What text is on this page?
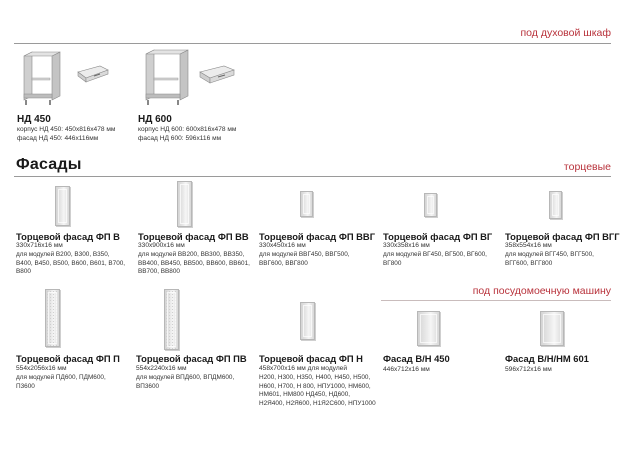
под духовой шкаф
НД 450
корпус НД 450: 450x816x478 мм
фасад НД 450: 446x116мм
НД 600
корпус НД 600: 600x816x478 мм
фасад НД 600: 596x116 мм
Фасады	торцевые
Торцевой фасад ФП В
330x716x16 мм
для модулей В200, В300, В350, В400, В450, В500, В600, В601, В700, В800
Торцевой фасад ФП ВВ
330x900x16 мм
для модулей ВВ200, ВВ300, ВВ350, ВВ400, ВВ450, ВВ500, ВВ600, ВВ601, ВВ700, ВВ800
Торцевой фасад ФП ВВГ
330x450x16 мм
для модулей ВВГ450, ВВГ500, ВВГ600, ВВГ800
Торцевой фасад ФП ВГ
330x358x16 мм
для модулей ВГ450, ВГ500, ВГ600, ВГ800
Торцевой фасад ФП ВГГ
358x554x16 мм
для модулей ВГГ450, ВГГ500, ВГГ600, ВГГ800
под посудомоечную машину
Торцевой фасад ФП П
554x2056x16 мм
для модулей ПД600, ПДМ600, П3600
Торцевой фасад ФП ПВ
554x2240x16 мм
для модулей ВПД600, ВПДМ600, ВП3600
Торцевой фасад ФП Н
458x700x16 мм для модулей
Н200, Н300, Н350, Н400, Н450, Н500, Н600, Н700, Н 800, НПУ1000, НМ600, НМ601, НМ800 НД450, НД600, Н2Я400, Н2Я600, Н1Я2С600, НПУ1000
Фасад В/Н 450
446x712x16 мм
Фасад В/Н/НМ 601
596x712x16 мм
